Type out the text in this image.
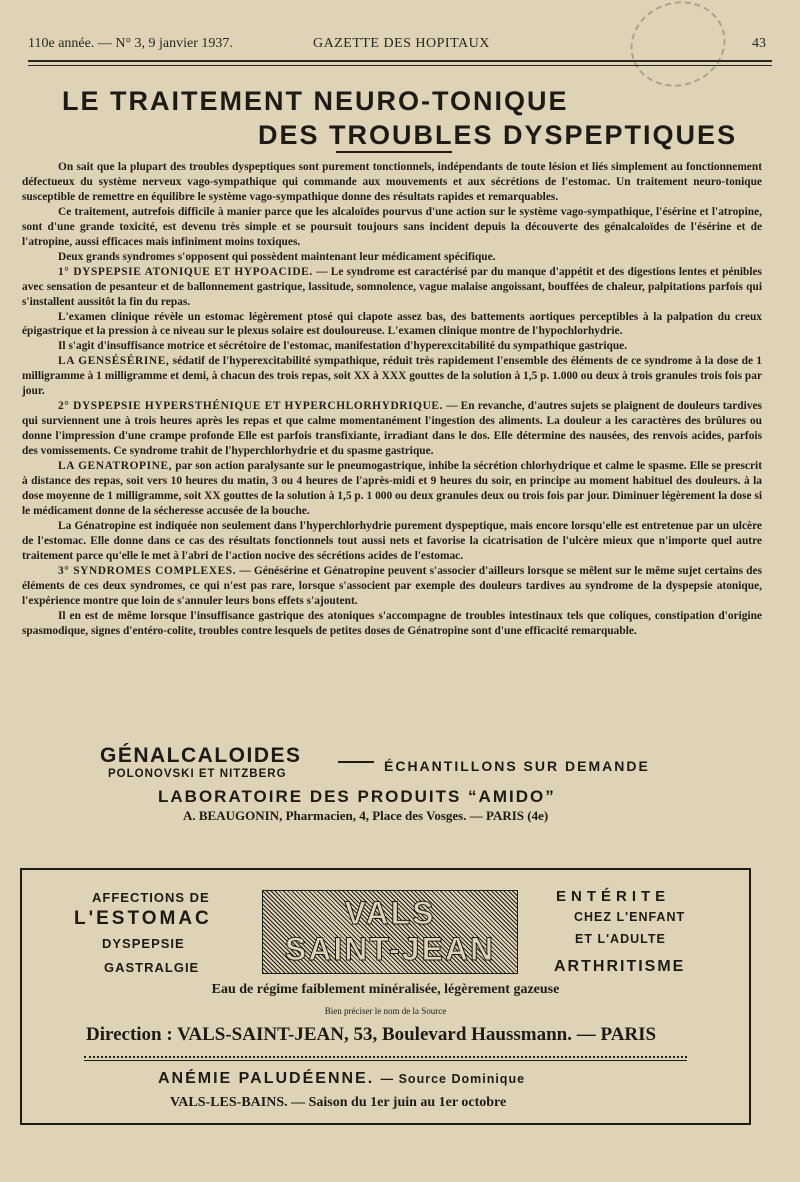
110e année. — N° 3, 9 janvier 1937.	GAZETTE DES HOPITAUX	43
LE TRAITEMENT NEURO-TONIQUE
DES TROUBLES DYSPEPTIQUES

On sait que la plupart des troubles dyspeptiques sont purement tonctionnels, indépendants de toute lésion et liés simplement au fonctionnement défectueux du système nerveux vago-sympathique qui commande aux mouvements et aux sécrétions de l'estomac. Un traitement neuro-tonique susceptible de remettre en équilibre le système vago-sympathique donne des résultats rapides et remarquables.

Ce traitement, autrefois difficile à manier parce que les alcaloïdes pourvus d'une action sur le système vago-sympathique, l'ésérine et l'atropine, sont d'une grande toxicité, est devenu très simple et se poursuit toujours sans incident depuis la découverte des génalcaloïdes de l'ésérine et de l'atropine, aussi efficaces mais infiniment moins toxiques.

Deux grands syndromes s'opposent qui possèdent maintenant leur médicament spécifique.

1° DYSPEPSIE ATONIQUE ET HYPOACIDE. — Le syndrome est caractérisé par du manque d'appétit et des digestions lentes et pénibles avec sensation de pesanteur et de ballonnement gastrique, lassitude, somnolence, vague malaise angoissant, bouffées de chaleur, palpitations parfois qui s'installent aussitôt la fin du repas.

L'examen clinique révèle un estomac légèrement ptosé qui clapote assez bas, des battements aortiques perceptibles à la palpation du creux épigastrique et la pression à ce niveau sur le plexus solaire est douloureuse. L'examen clinique montre de l'hypochlorhydrie.

Il s'agit d'insuffisance motrice et sécrétoire de l'estomac, manifestation d'hyperexcitabilité du sympathique gastrique.

LA GENSÉSÉRINE, sédatif de l'hyperexcitabilité sympathique, réduit très rapidement l'ensemble des éléments de ce syndrome à la dose de 1 milligramme à 1 milligramme et demi, à chacun des trois repas, soit XX à XXX gouttes de la solution à 1,5 p. 1.000 ou deux à trois granules trois fois par jour.

2° DYSPEPSIE HYPERSTHÉNIQUE ET HYPERCHLORHYDRIQUE. — En revanche, d'autres sujets se plaignent de douleurs tardives qui surviennent une à trois heures après les repas et que calme momentanément l'ingestion des aliments. La douleur a les caractères des brûlures ou donne l'impression d'une crampe profonde Elle est parfois transfixiante, irradiant dans le dos. Elle détermine des nausées, des renvois acides, parfois des vomissements. Ce syndrome trahit de l'hyperchlorhydrie et du spasme gastrique.

LA GENATROPINE, par son action paralysante sur le pneumogastrique, inhibe la sécrétion chlorhydrique et calme le spasme. Elle se prescrit à distance des repas, soit vers 10 heures du matin, 3 ou 4 heures de l'après-midi et 9 heures du soir, en principe au moment habituel des douleurs. à la dose moyenne de 1 milligramme, soit XX gouttes de la solution à 1,5 p. 1 000 ou deux granules deux ou trois fois par jour. Diminuer légèrement la dose si le médicament donne de la sécheresse accusée de la bouche.

La Génatropine est indiquée non seulement dans l'hyperchlorhydrie purement dyspeptique, mais encore lorsqu'elle est entretenue par un ulcère de l'estomac. Elle donne dans ce cas des résultats fonctionnels tout aussi nets et favorise la cicatrisation de l'ulcère mieux que n'importe quel autre traitement parce qu'elle le met à l'abri de l'action nocive des sécrétions acides de l'estomac.

3° SYNDROMES COMPLEXES. — Génésérine et Génatropine peuvent s'associer d'ailleurs lorsque se mêlent sur le même sujet certains des éléments de ces deux syndromes, ce qui n'est pas rare, lorsque s'associent par exemple des douleurs tardives au syndrome de la dyspepsie atonique, l'expérience montre que loin de s'annuler leurs bons effets s'ajoutent.

Il en est de même lorsque l'insuffisance gastrique des atoniques s'accompagne de troubles intestinaux tels que coliques, constipation d'origine spasmodique, signes d'entéro-colite, troubles contre lesquels de petites doses de Génatropine sont d'une efficacité remarquable.

GÉNALCALOIDES	ÉCHANTILLONS SUR DEMANDE
POLONOVSKI ET NITZBERG
LABORATOIRE DES PRODUITS “AMIDO”
A. BEAUGONIN, Pharmacien, 4, Place des Vosges. — PARIS (4e)
AFFECTIONS DE
L'ESTOMAC
DYSPEPSIE
GASTRALGIE
VALS
SAINT-JEAN
ENTÉRITE
CHEZ L'ENFANT
ET L'ADULTE
ARTHRITISME
Eau de régime faiblement minéralisée, légèrement gazeuse
Bien préciser le nom de la Source
Direction : VALS-SAINT-JEAN, 53, Boulevard Haussmann. — PARIS
ANÉMIE PALUDÉENNE. — Source Dominique
VALS-LES-BAINS. — Saison du 1er juin au 1er octobre
